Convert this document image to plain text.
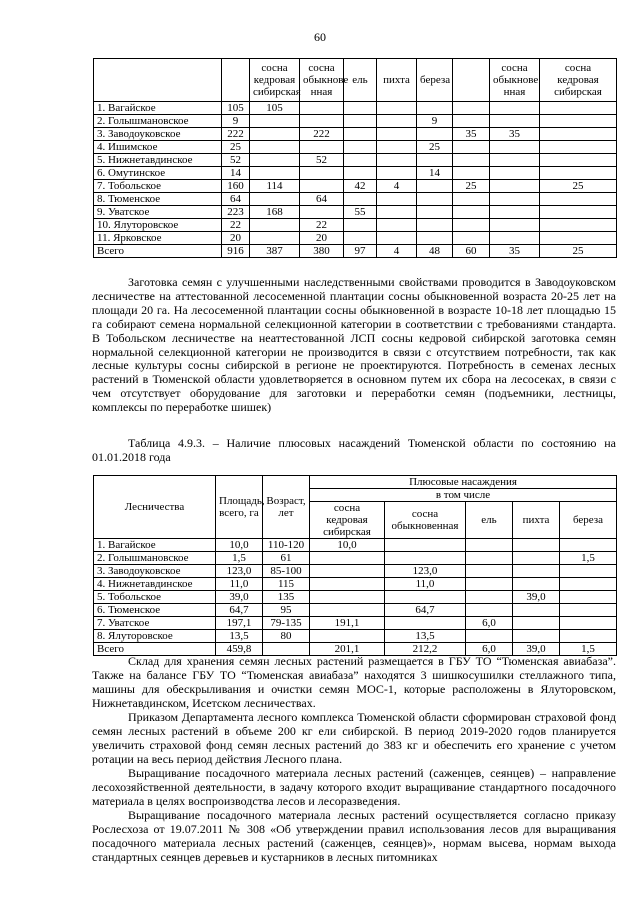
60
		сосна кедровая сибирская	сосна обыкнове нная	ель	пихта	береза		сосна обыкнове нная	сосна кедровая сибирская
1. Вагайское	105	105							
2. Голышмановское	9					9			
3. Заводоуковское	222		222				35	35	
4. Ишимское	25					25			
5. Нижнетавдинское	52		52						
6. Омутинское	14					14			
7. Тобольское	160	114		42	4		25		25
8. Тюменское	64		64						
9. Уватское	223	168		55					
10. Ялуторовское	22		22						
11. Ярковское	20		20						
Всего	916	387	380	97	4	48	60	35	25

Заготовка семян с улучшенными наследственными свойствами проводится в Заводоуковском лесничестве на аттестованной лесосеменной плантации сосны обыкновенной возраста 20-25 лет на площади 20 га. На лесосеменной плантации сосны обыкновенной в возрасте 10-18 лет площадью 15 га собирают семена нормальной селекционной категории в соответствии с требованиями стандарта. В Тобольском лесничестве на неаттестованной ЛСП сосны кедровой сибирской заготовка семян нормальной селекционной категории не производится в связи с отсутствием потребности, так как лесные культуры сосны сибирской в регионе не проектируются. Потребность в семенах лесных растений в Тюменской области удовлетворяется в основном путем их сбора на лесосеках, в связи с чем отсутствует оборудование для заготовки и переработки семян (подъемники, лестницы, комплексы по переработке шишек)

Таблица 4.9.3. – Наличие плюсовых насаждений Тюменской области по состоянию на 01.01.2018 года

Лесничества	Площадь, всего, га	Возраст, лет	Плюсовые насаждения				
			в том числе				
			сосна кедровая сибирская	сосна обыкновенная	ель	пихта	береза
1. Вагайское	10,0	110-120	10,0				
2. Голышмановское	1,5	61					1,5
3. Заводоуковское	123,0	85-100		123,0			
4. Нижнетавдинское	11,0	115		11,0			
5. Тобольское	39,0	135				39,0	
6. Тюменское	64,7	95		64,7			
7. Уватское	197,1	79-135	191,1		6,0		
8. Ялуторовское	13,5	80		13,5			
Всего	459,8		201,1	212,2	6,0	39,0	1,5

Склад для хранения семян лесных растений размещается в ГБУ ТО “Тюменская авиабаза”. Также на балансе ГБУ ТО “Тюменская авиабаза” находятся 3 шишкосушилки стеллажного типа, машины для обескрыливания и очистки семян МОС-1, которые расположены в Ялуторовском, Нижнетавдинском, Исетском лесничествах.

Приказом Департамента лесного комплекса Тюменской области сформирован страховой фонд семян лесных растений в объеме 200 кг ели сибирской. В период 2019-2020 годов планируется увеличить страховой фонд семян лесных растений до 383 кг и обеспечить его хранение с учетом ротации на весь период действия Лесного плана.

Выращивание посадочного материала лесных растений (саженцев, сеянцев) – направление лесохозяйственной деятельности, в задачу которого входит выращивание стандартного посадочного материала в целях воспроизводства лесов и лесоразведения.

Выращивание посадочного материала лесных растений осуществляется согласно приказу Рослесхоза от 19.07.2011 № 308 «Об утверждении правил использования лесов для выращивания посадочного материала лесных растений (саженцев, сеянцев)», нормам высева, нормам выхода стандартных сеянцев деревьев и кустарников в лесных питомниках
